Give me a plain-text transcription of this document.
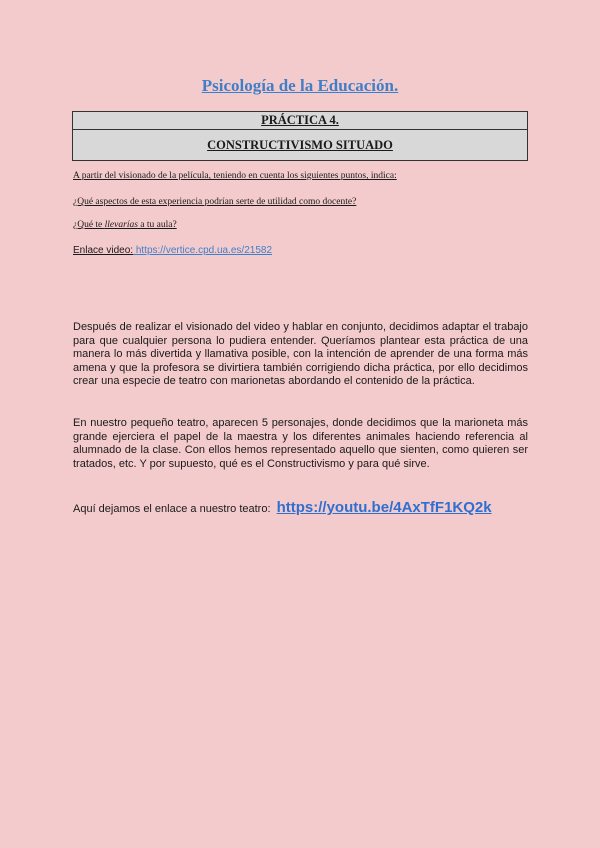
Psicología de la Educación.
PRÁCTICA 4.
CONSTRUCTIVISMO SITUADO
A partir del visionado de la película, teniendo en cuenta los siguientes puntos, indica:
¿Qué aspectos de esta experiencia podrían serte de utilidad como docente?
¿Qué te llevarías a tu aula?
Enlace video: https://vertice.cpd.ua.es/21582

Después de realizar el visionado del video y hablar en conjunto, decidimos adaptar el trabajo para que cualquier persona lo pudiera entender. Queríamos plantear esta práctica de una manera lo más divertida y llamativa posible, con la intención de aprender de una forma más amena y que la profesora se divirtiera también corrigiendo dicha práctica, por ello decidimos crear una especie de teatro con marionetas abordando el contenido de la práctica.

En nuestro pequeño teatro, aparecen 5 personajes, donde decidimos que la marioneta más grande ejerciera el papel de la maestra y los diferentes animales haciendo referencia al alumnado de la clase. Con ellos hemos representado aquello que sienten, como quieren ser tratados, etc. Y por supuesto, qué es el Constructivismo y para qué sirve.

Aquí dejamos el enlace a nuestro teatro: https://youtu.be/4AxTfF1KQ2k
